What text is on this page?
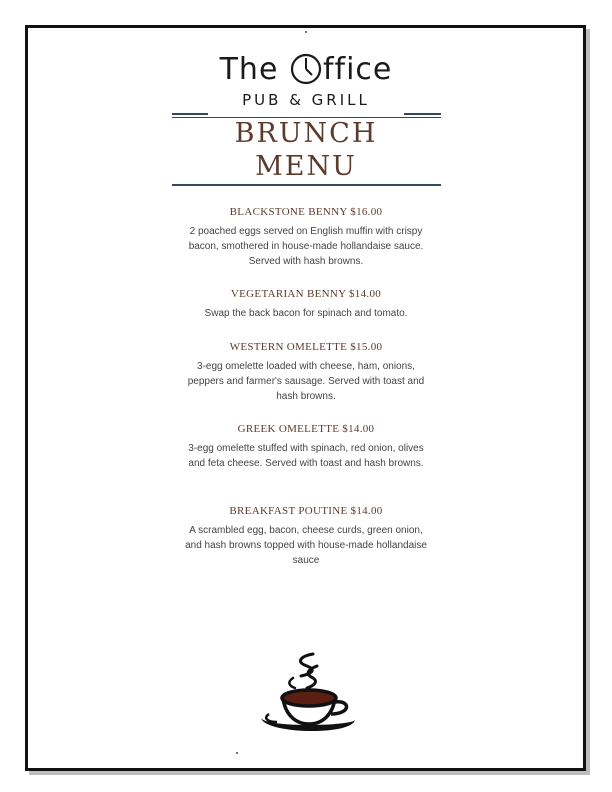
The ffice
PUB & GRILL
BRUNCH
MENU
BLACKSTONE BENNY $16.00
2 poached eggs served on English muffin with crispy bacon, smothered in house-made hollandaise sauce. Served with hash browns.
VEGETARIAN BENNY $14.00
Swap the back bacon for spinach and tomato.
WESTERN OMELETTE $15.00
3-egg omelette loaded with cheese, ham, onions, peppers and farmer's sausage. Served with toast and hash browns.
GREEK OMELETTE $14.00
3-egg omelette stuffed with spinach, red onion, olives and feta cheese. Served with toast and hash browns.
BREAKFAST POUTINE $14.00
A scrambled egg, bacon, cheese curds, green onion, and hash browns topped with house-made hollandaise sauce
